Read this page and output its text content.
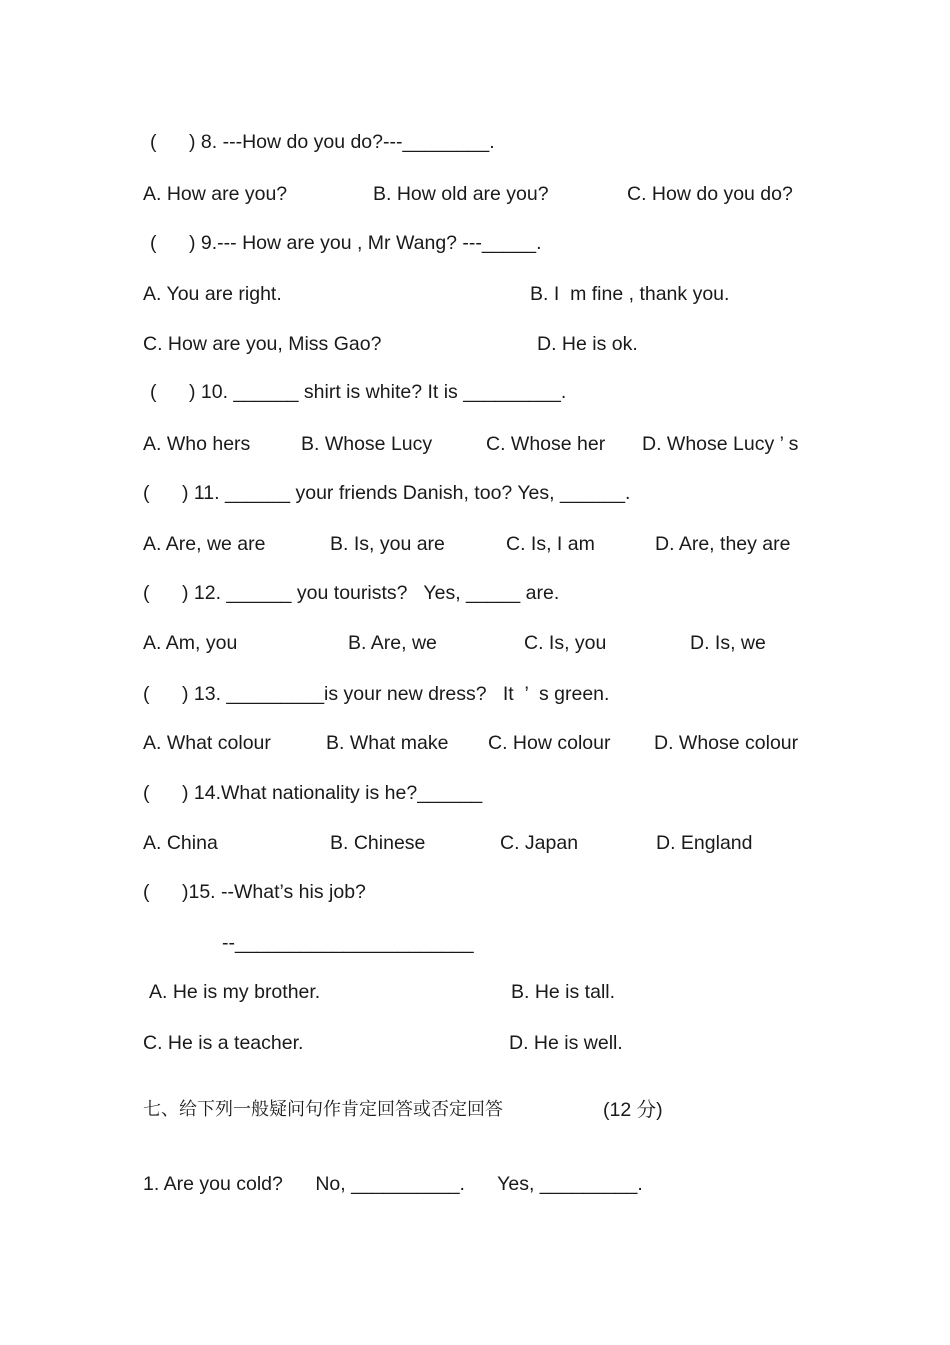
(      ) 8. ---How do you do?---________.
A. How are you?	B. How old are you?	C. How do you do?
(      ) 9.--- How are you , Mr Wang? ---_____.
A. You are right.	B. I  m fine , thank you.
C. How are you, Miss Gao?	D. He is ok.
(      ) 10. ______ shirt is white? It is _________.
A. Who hers	B. Whose Lucy	C. Whose her D. Whose Lucy ’ s
(      ) 11. ______ your friends Danish, too? Yes, ______.
A. Are, we are	B. Is, you are	C. Is, I am	D. Are, they are
(      ) 12. ______ you tourists?   Yes, _____ are.
A. Am, you	B. Are, we	C. Is, you	D. Is, we
(      ) 13. _________is your new dress?   It  ’  s green.
A. What colour	B. What make C. How colour D. Whose colour
(      ) 14.What nationality is he?______
A. China	B. Chinese	C. Japan	D. England
(      )15. --What’s his job?
--______________________
A. He is my brother.	B. He is tall.
C. He is a teacher.	D. He is well.
七、给下列一般疑问句作肯定回答或否定回答	(12 分)
1. Are you cold?      No, __________.      Yes, _________.
